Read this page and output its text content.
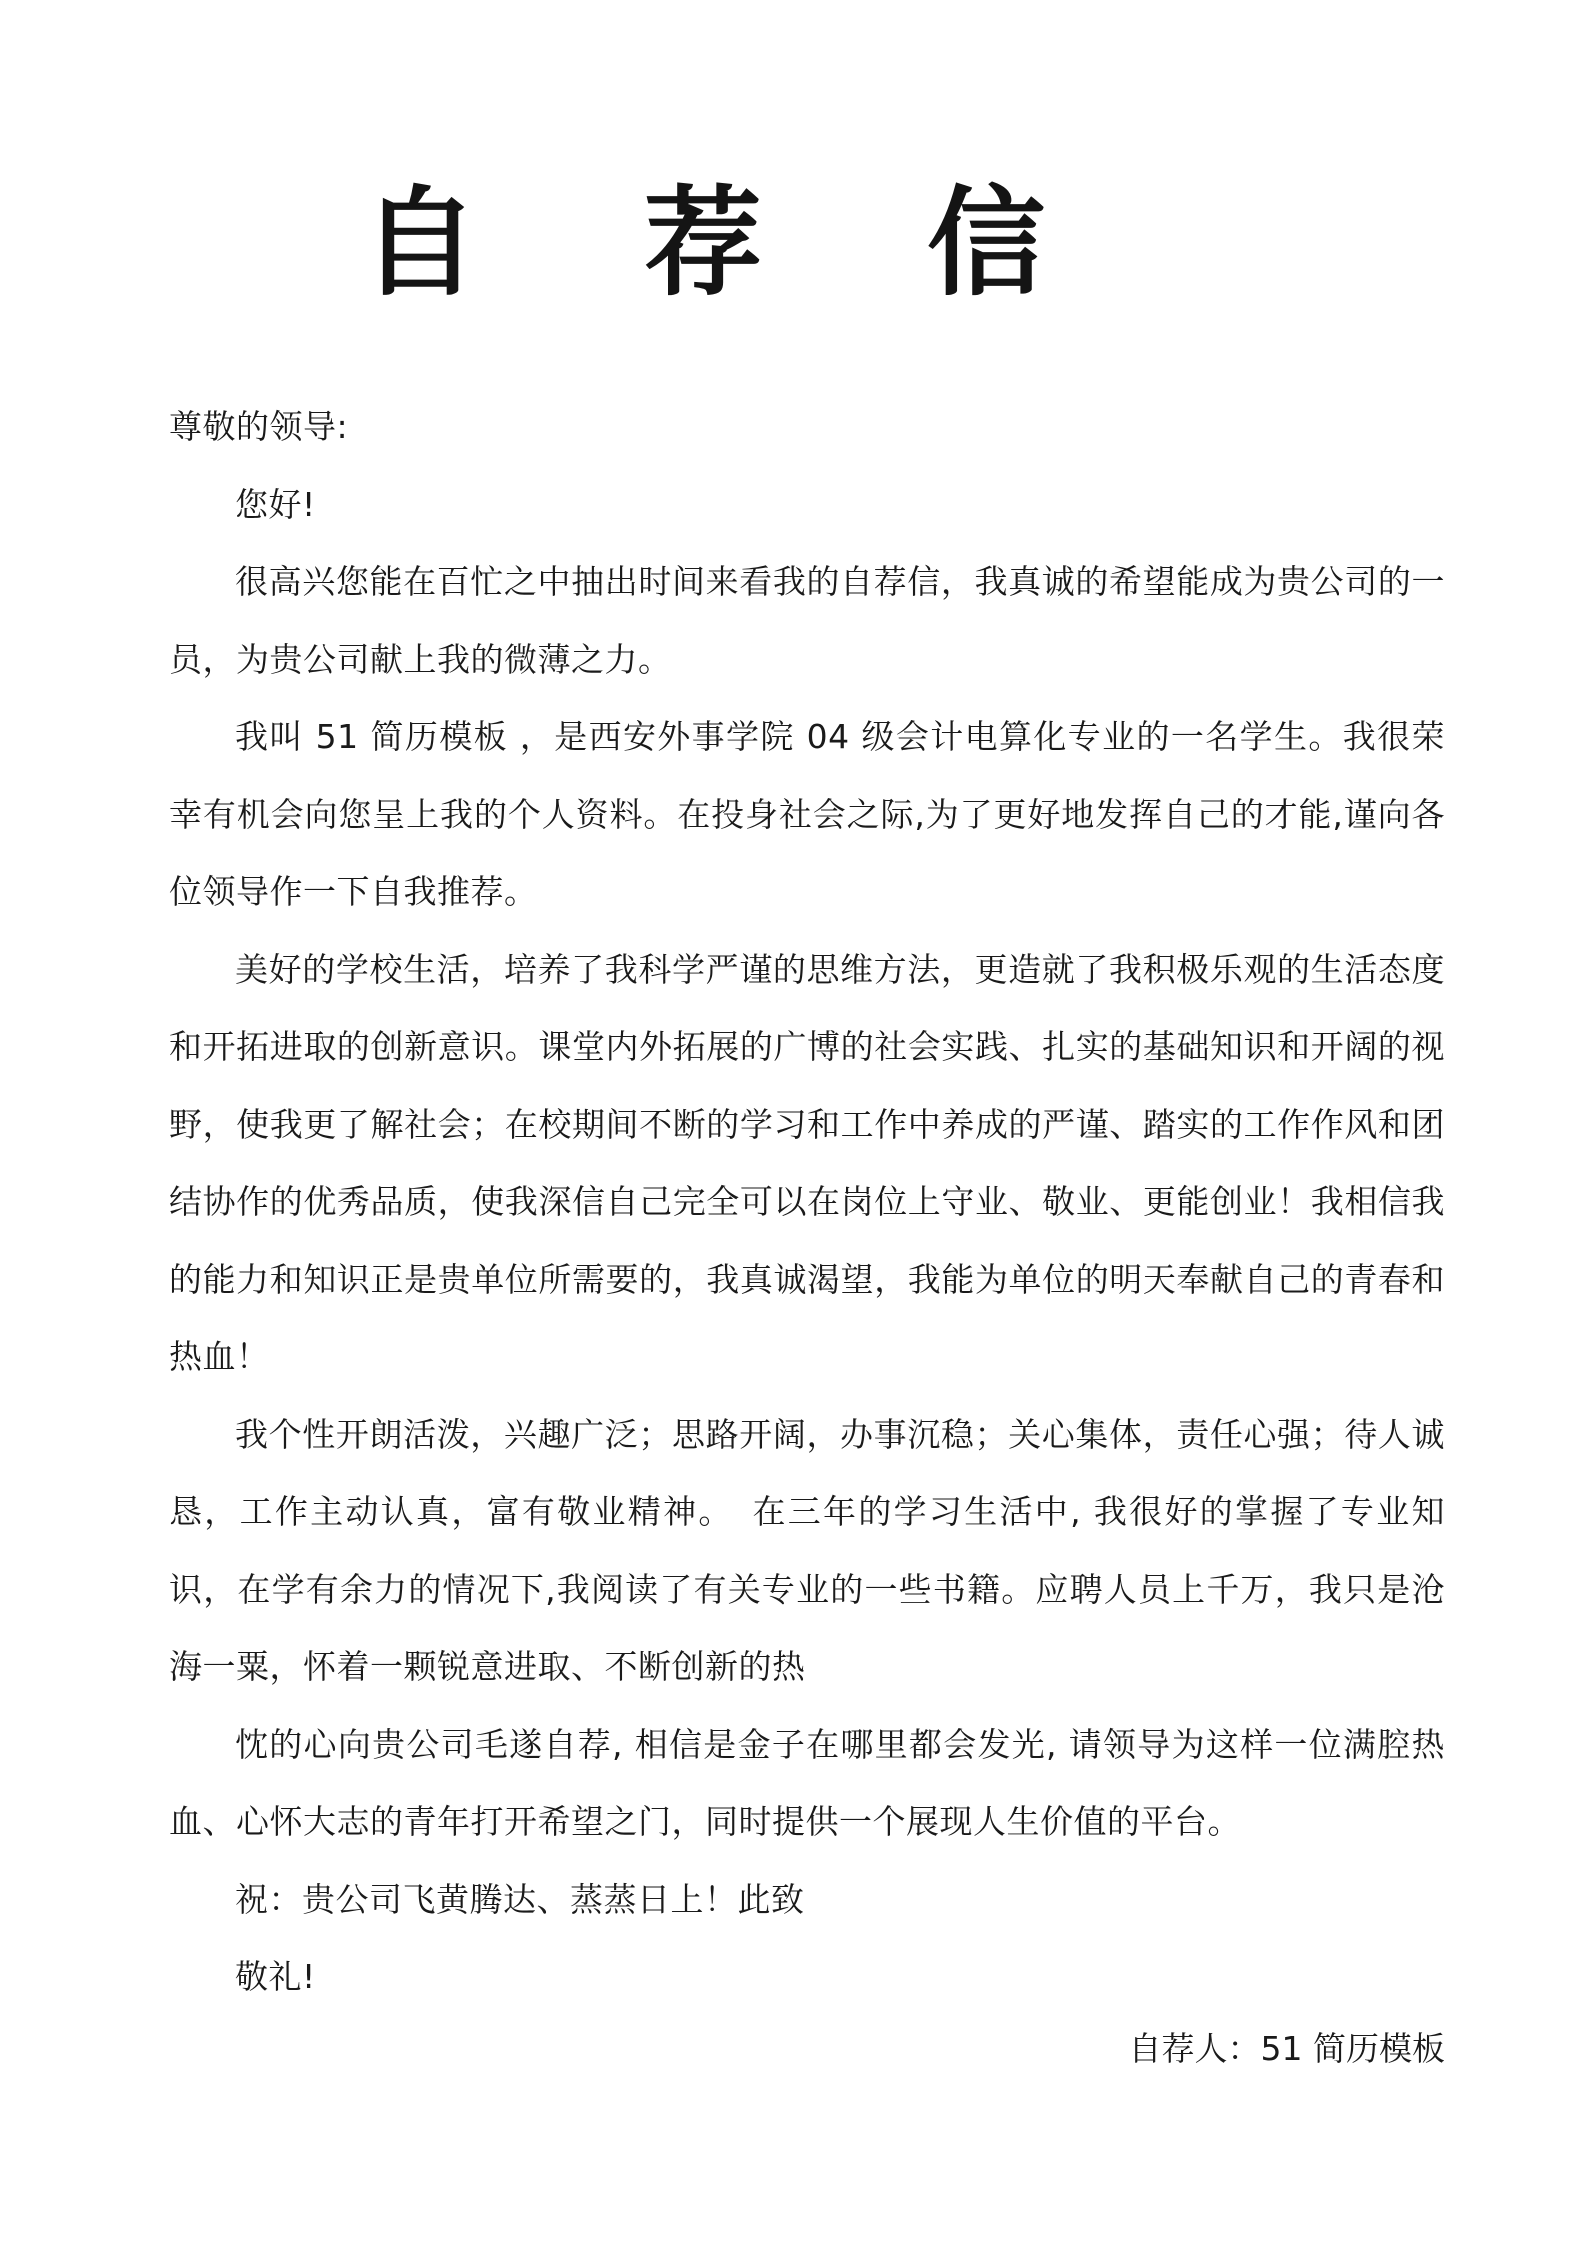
自 荐 信

尊敬的领导:

您好!

很高兴您能在百忙之中抽出时间来看我的自荐信，我真诚的希望能成为贵公司的一员，为贵公司献上我的微薄之力。

我叫 51 简历模板 ，是西安外事学院 04 级会计电算化专业的一名学生。我很荣幸有机会向您呈上我的个人资料。在投身社会之际,为了更好地发挥自己的才能,谨向各位领导作一下自我推荐。

美好的学校生活，培养了我科学严谨的思维方法，更造就了我积极乐观的生活态度和开拓进取的创新意识。课堂内外拓展的广博的社会实践、扎实的基础知识和开阔的视野，使我更了解社会；在校期间不断的学习和工作中养成的严谨、踏实的工作作风和团结协作的优秀品质，使我深信自己完全可以在岗位上守业、敬业、更能创业！我相信我的能力和知识正是贵单位所需要的，我真诚渴望，我能为单位的明天奉献自己的青春和热血！

我个性开朗活泼，兴趣广泛；思路开阔，办事沉稳；关心集体，责任心强；待人诚恳，工作主动认真，富有敬业精神。　在三年的学习生活中, 我很好的掌握了专业知识，在学有余力的情况下,我阅读了有关专业的一些书籍。应聘人员上千万，我只是沧海一粟，怀着一颗锐意进取、不断创新的热

忱的心向贵公司毛遂自荐, 相信是金子在哪里都会发光, 请领导为这样一位满腔热血、心怀大志的青年打开希望之门，同时提供一个展现人生价值的平台。

祝：贵公司飞黄腾达、蒸蒸日上！此致

敬礼!

自荐人：51 简历模板
